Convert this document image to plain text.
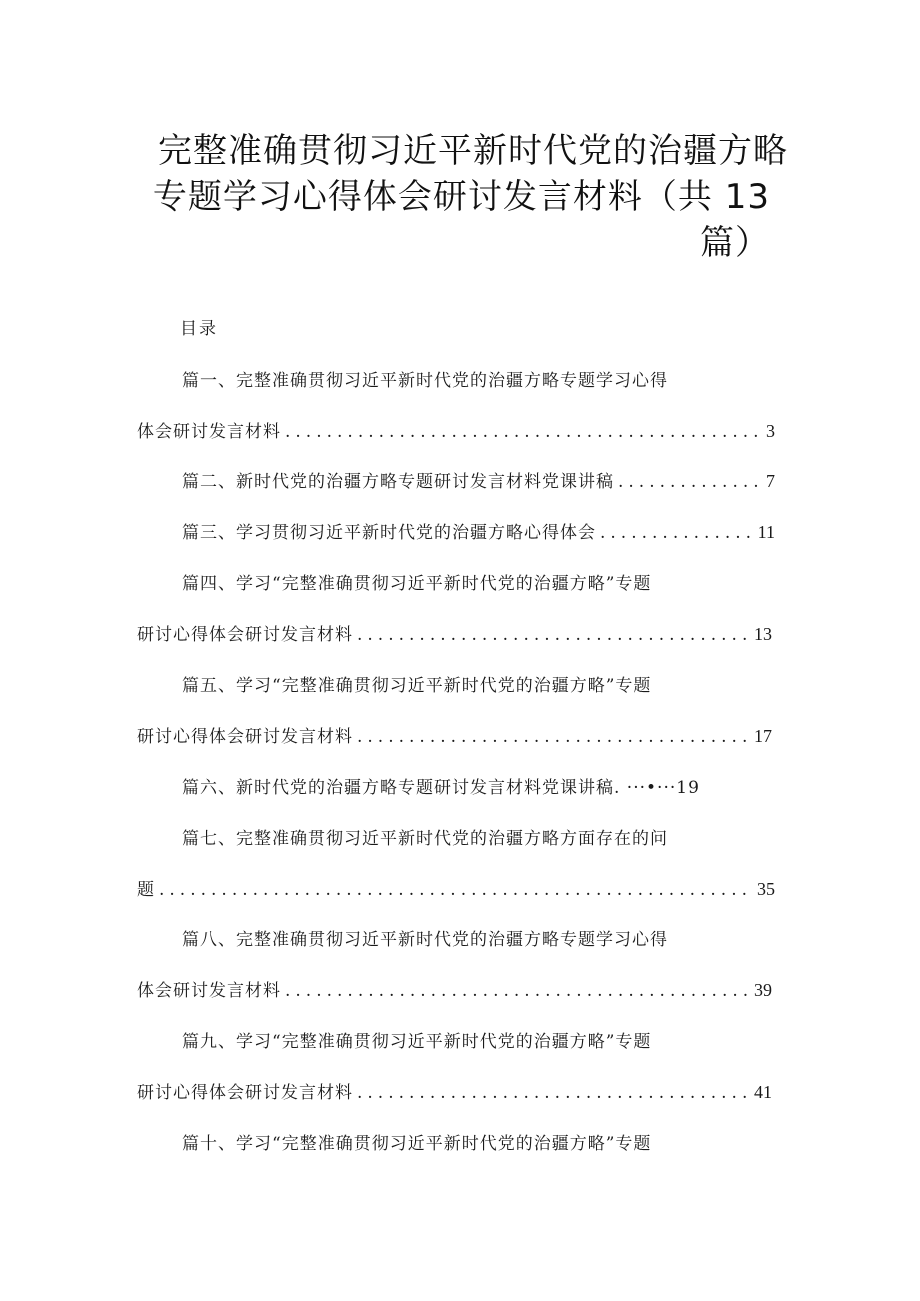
完整准确贯彻习近平新时代党的治疆方略
专题学习心得体会研讨发言材料（共 13
篇）
目录
篇一、完整准确贯彻习近平新时代党的治疆方略专题学习心得
体会研讨发言材料 .....	3
篇二、新时代党的治疆方略专题研讨发言材料党课讲稿 .....	7
篇三、学习贯彻习近平新时代党的治疆方略心得体会 .....	11
篇四、学习“完整准确贯彻习近平新时代党的治疆方略”专题
研讨心得体会研讨发言材料 .....	13
篇五、学习“完整准确贯彻习近平新时代党的治疆方略”专题
研讨心得体会研讨发言材料 .....	17
篇六、新时代党的治疆方略专题研讨发言材料党课讲稿. ···•···19
篇七、完整准确贯彻习近平新时代党的治疆方略方面存在的问
题 .....	35
篇八、完整准确贯彻习近平新时代党的治疆方略专题学习心得
体会研讨发言材料 .....	39
篇九、学习“完整准确贯彻习近平新时代党的治疆方略”专题
研讨心得体会研讨发言材料 .....	41
篇十、学习“完整准确贯彻习近平新时代党的治疆方略”专题
